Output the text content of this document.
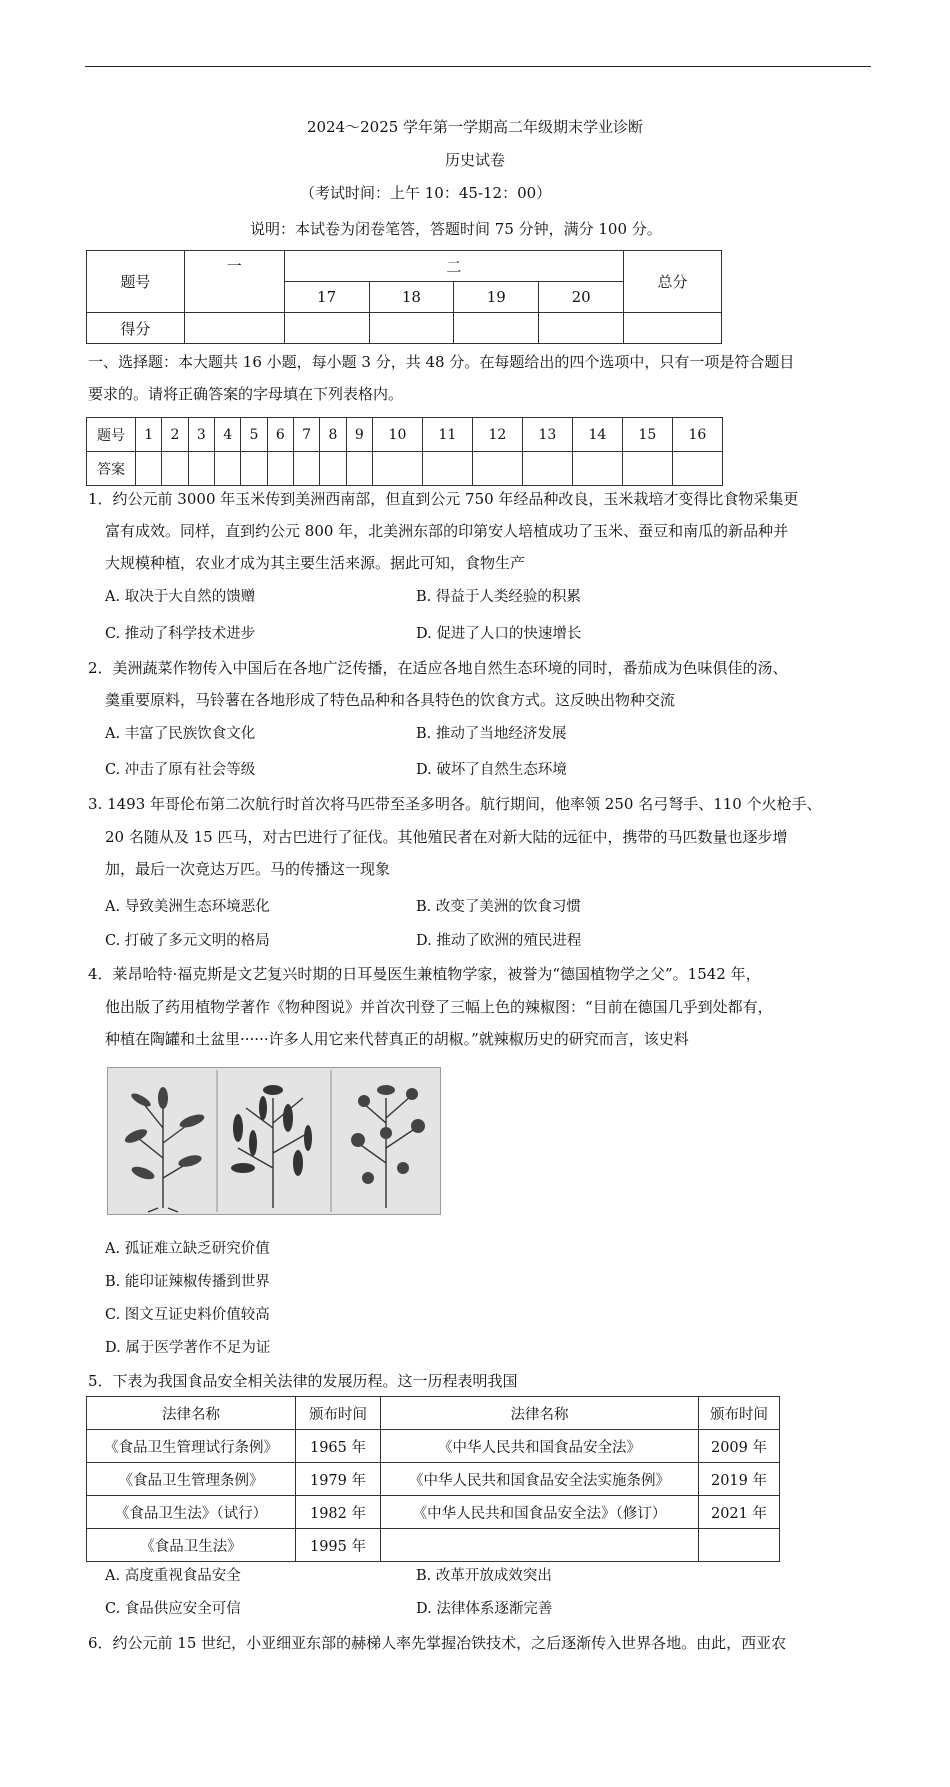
2024～2025 学年第一学期高二年级期末学业诊断
历史试卷
（考试时间：上午 10：45-12：00）
说明：本试卷为闭卷笔答，答题时间 75 分钟，满分 100 分。
题号	一	二				总分
		17	18	19	20	
得分						
一、选择题：本大题共 16 小题，每小题 3 分，共 48 分。在每题给出的四个选项中，只有一项是符合题目
要求的。请将正确答案的字母填在下列表格内。
题号	1	2	3	4	5	6	7	8	9	10	11	12	13	14	15	16
答案																
1．约公元前 3000 年玉米传到美洲西南部，但直到公元 750 年经品种改良，玉米栽培才变得比食物采集更
富有成效。同样，直到约公元 800 年，北美洲东部的印第安人培植成功了玉米、蚕豆和南瓜的新品种并
大规模种植，农业才成为其主要生活来源。据此可知，食物生产
A. 取决于大自然的馈赠	B. 得益于人类经验的积累
C. 推动了科学技术进步	D. 促进了人口的快速增长
2．美洲蔬菜作物传入中国后在各地广泛传播，在适应各地自然生态环境的同时，番茄成为色味俱佳的汤、
羹重要原料，马铃薯在各地形成了特色品种和各具特色的饮食方式。这反映出物种交流
A. 丰富了民族饮食文化	B. 推动了当地经济发展
C. 冲击了原有社会等级	D. 破坏了自然生态环境
3. 1493 年哥伦布第二次航行时首次将马匹带至圣多明各。航行期间，他率领 250 名弓弩手、110 个火枪手、
20 名随从及 15 匹马，对古巴进行了征伐。其他殖民者在对新大陆的远征中，携带的马匹数量也逐步增
加，最后一次竟达万匹。马的传播这一现象
A. 导致美洲生态环境恶化	B. 改变了美洲的饮食习惯
C. 打破了多元文明的格局	D. 推动了欧洲的殖民进程
4．莱昂哈特·福克斯是文艺复兴时期的日耳曼医生兼植物学家，被誉为“德国植物学之父”。1542 年，
他出版了药用植物学著作《物种图说》并首次刊登了三幅上色的辣椒图：“目前在德国几乎到处都有，
种植在陶罐和土盆里······许多人用它来代替真正的胡椒。”就辣椒历史的研究而言，该史料
A. 孤证难立缺乏研究价值
B. 能印证辣椒传播到世界
C. 图文互证史料价值较高
D. 属于医学著作不足为证
5．下表为我国食品安全相关法律的发展历程。这一历程表明我国
法律名称	颁布时间	法律名称	颁布时间
《食品卫生管理试行条例》	1965 年	《中华人民共和国食品安全法》	2009 年
《食品卫生管理条例》	1979 年	《中华人民共和国食品安全法实施条例》	2019 年
《食品卫生法》（试行）	1982 年	《中华人民共和国食品安全法》（修订）	2021 年
《食品卫生法》	1995 年		
A. 高度重视食品安全	B. 改革开放成效突出
C. 食品供应安全可信	D. 法律体系逐渐完善
6．约公元前 15 世纪，小亚细亚东部的赫梯人率先掌握冶铁技术，之后逐渐传入世界各地。由此，西亚农
